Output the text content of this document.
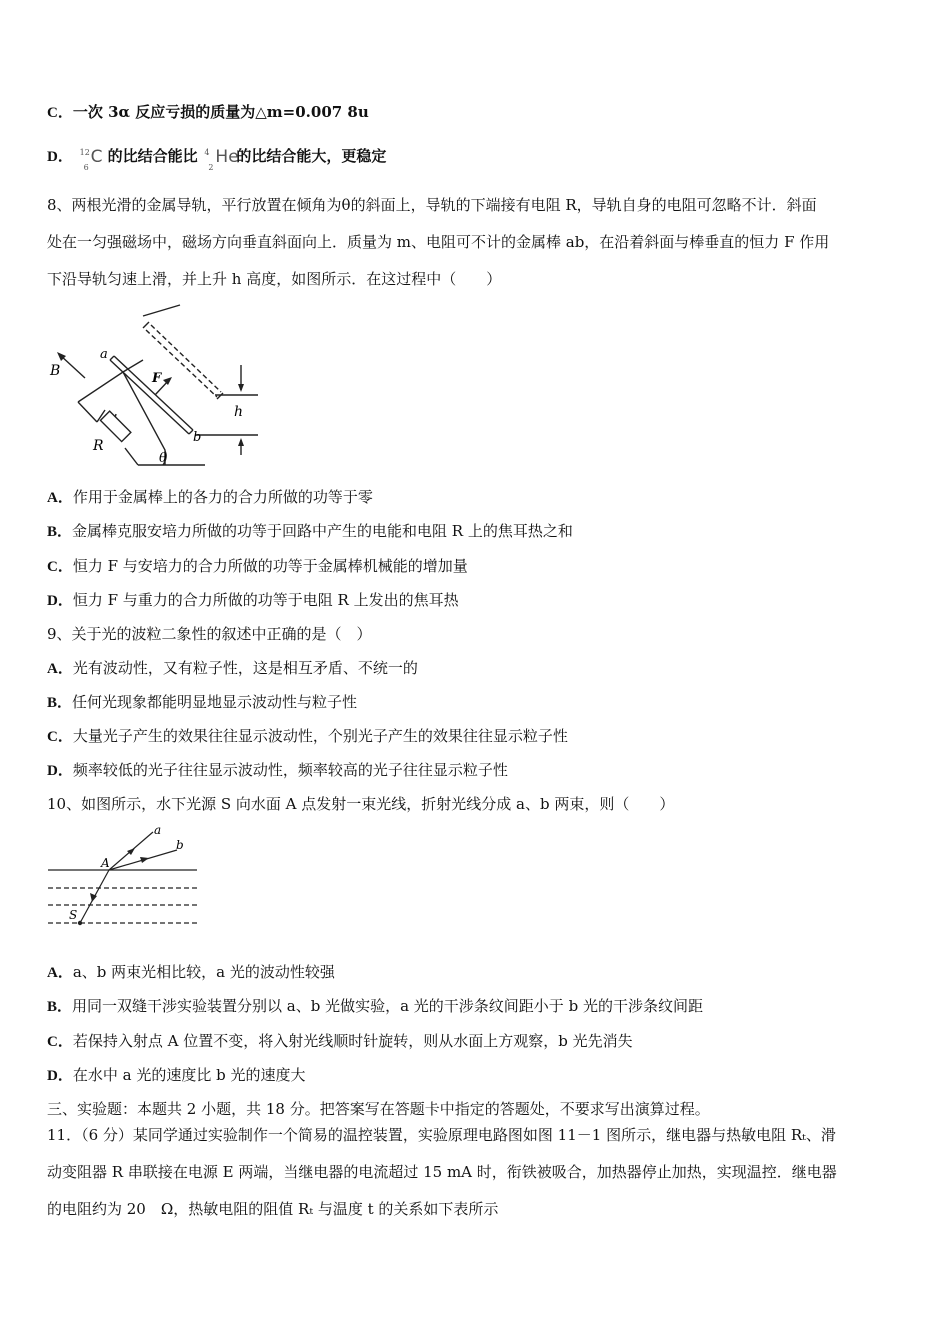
C．一次 3α 反应亏损的质量为△m=0.007 8u
D． 12
6
C 的比结合能比 4
2
He
的比结合能大，更稳定
8、两根光滑的金属导轨，平行放置在倾角为θ的斜面上，导轨的下端接有电阻 R，导轨自身的电阻可忽略不计．斜面
处在一匀强磁场中，磁场方向垂直斜面向上．质量为 m、电阻可不计的金属棒 ab，在沿着斜面与棒垂直的恒力 F 作用
下沿导轨匀速上滑，并上升 h 高度，如图所示．在这过程中（　　）
B
a
F
h
R
b
θ
A．作用于金属棒上的各力的合力所做的功等于零
B．金属棒克服安培力所做的功等于回路中产生的电能和电阻 R 上的焦耳热之和
C．恒力 F 与安培力的合力所做的功等于金属棒机械能的增加量
D．恒力 F 与重力的合力所做的功等于电阻 R 上发出的焦耳热
9、关于光的波粒二象性的叙述中正确的是（　）
A．光有波动性，又有粒子性，这是相互矛盾、不统一的
B．任何光现象都能明显地显示波动性与粒子性
C．大量光子产生的效果往往显示波动性，个别光子产生的效果往往显示粒子性
D．频率较低的光子往往显示波动性，频率较高的光子往往显示粒子性
10、如图所示，水下光源 S 向水面 A 点发射一束光线，折射光线分成 a、b 两束，则（　　）
a
b
A
S
A．a、b 两束光相比较，a 光的波动性较强
B．用同一双缝干涉实验装置分别以 a、b 光做实验，a 光的干涉条纹间距小于 b 光的干涉条纹间距
C．若保持入射点 A 位置不变，将入射光线顺时针旋转，则从水面上方观察，b 光先消失
D．在水中 a 光的速度比 b 光的速度大
三、实验题：本题共 2 小题，共 18 分。把答案写在答题卡中指定的答题处，不要求写出演算过程。
11．（6 分）某同学通过实验制作一个简易的温控装置，实验原理电路图如图 11－1 图所示，继电器与热敏电阻 Rₜ、滑
动变阻器 R 串联接在电源 E 两端，当继电器的电流超过 15 mA 时，衔铁被吸合，加热器停止加热，实现温控．继电器
的电阻约为 20　Ω，热敏电阻的阻值 Rₜ 与温度 t 的关系如下表所示
